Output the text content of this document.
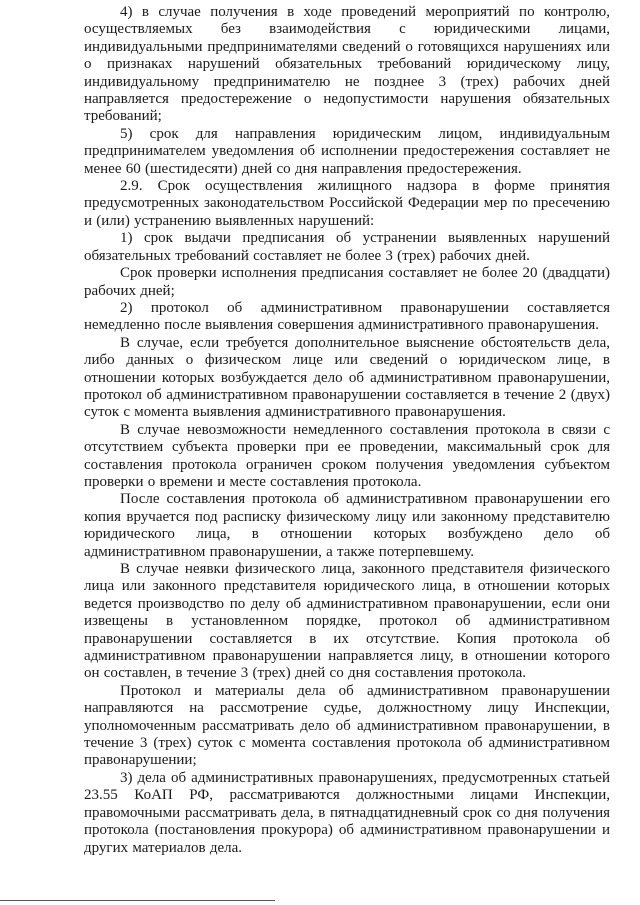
4) в случае получения в ходе проведений мероприятий по контролю, осуществляемых без взаимодействия с юридическими лицами, индивидуальными предпринимателями сведений о готовящихся нарушениях или о признаках нарушений обязательных требований юридическому лицу, индивидуальному предпринимателю не позднее 3 (трех) рабочих дней направляется предостережение о недопустимости нарушения обязательных требований;

5) срок для направления юридическим лицом, индивидуальным предпринимателем уведомления об исполнении предостережения составляет не менее 60 (шестидесяти) дней со дня направления предостережения.

2.9. Срок осуществления жилищного надзора в форме принятия предусмотренных законодательством Российской Федерации мер по пресечению и (или) устранению выявленных нарушений:

1) срок выдачи предписания об устранении выявленных нарушений обязательных требований составляет не более 3 (трех) рабочих дней.

Срок проверки исполнения предписания составляет не более 20 (двадцати) рабочих дней;

2) протокол об административном правонарушении составляется немедленно после выявления совершения административного правонарушения.

В случае, если требуется дополнительное выяснение обстоятельств дела, либо данных о физическом лице или сведений о юридическом лице, в отношении которых возбуждается дело об административном правонарушении, протокол об административном правонарушении составляется в течение 2 (двух) суток с момента выявления административного правонарушения.

В случае невозможности немедленного составления протокола в связи с отсутствием субъекта проверки при ее проведении, максимальный срок для составления протокола ограничен сроком получения уведомления субъектом проверки о времени и месте составления протокола.

После составления протокола об административном правонарушении его копия вручается под расписку физическому лицу или законному представителю юридического лица, в отношении которых возбуждено дело об административном правонарушении, а также потерпевшему.

В случае неявки физического лица, законного представителя физического лица или законного представителя юридического лица, в отношении которых ведется производство по делу об административном правонарушении, если они извещены в установленном порядке, протокол об административном правонарушении составляется в их отсутствие. Копия протокола об административном правонарушении направляется лицу, в отношении которого он составлен, в течение 3 (трех) дней со дня составления протокола.

Протокол и материалы дела об административном правонарушении направляются на рассмотрение судье, должностному лицу Инспекции, уполномоченным рассматривать дело об административном правонарушении, в течение 3 (трех) суток с момента составления протокола об административном правонарушении;

3) дела об административных правонарушениях, предусмотренных статьей 23.55 КоАП РФ, рассматриваются должностными лицами Инспекции, правомочными рассматривать дела, в пятнадцатидневный срок со дня получения протокола (постановления прокурора) об административном правонарушении и других материалов дела.
